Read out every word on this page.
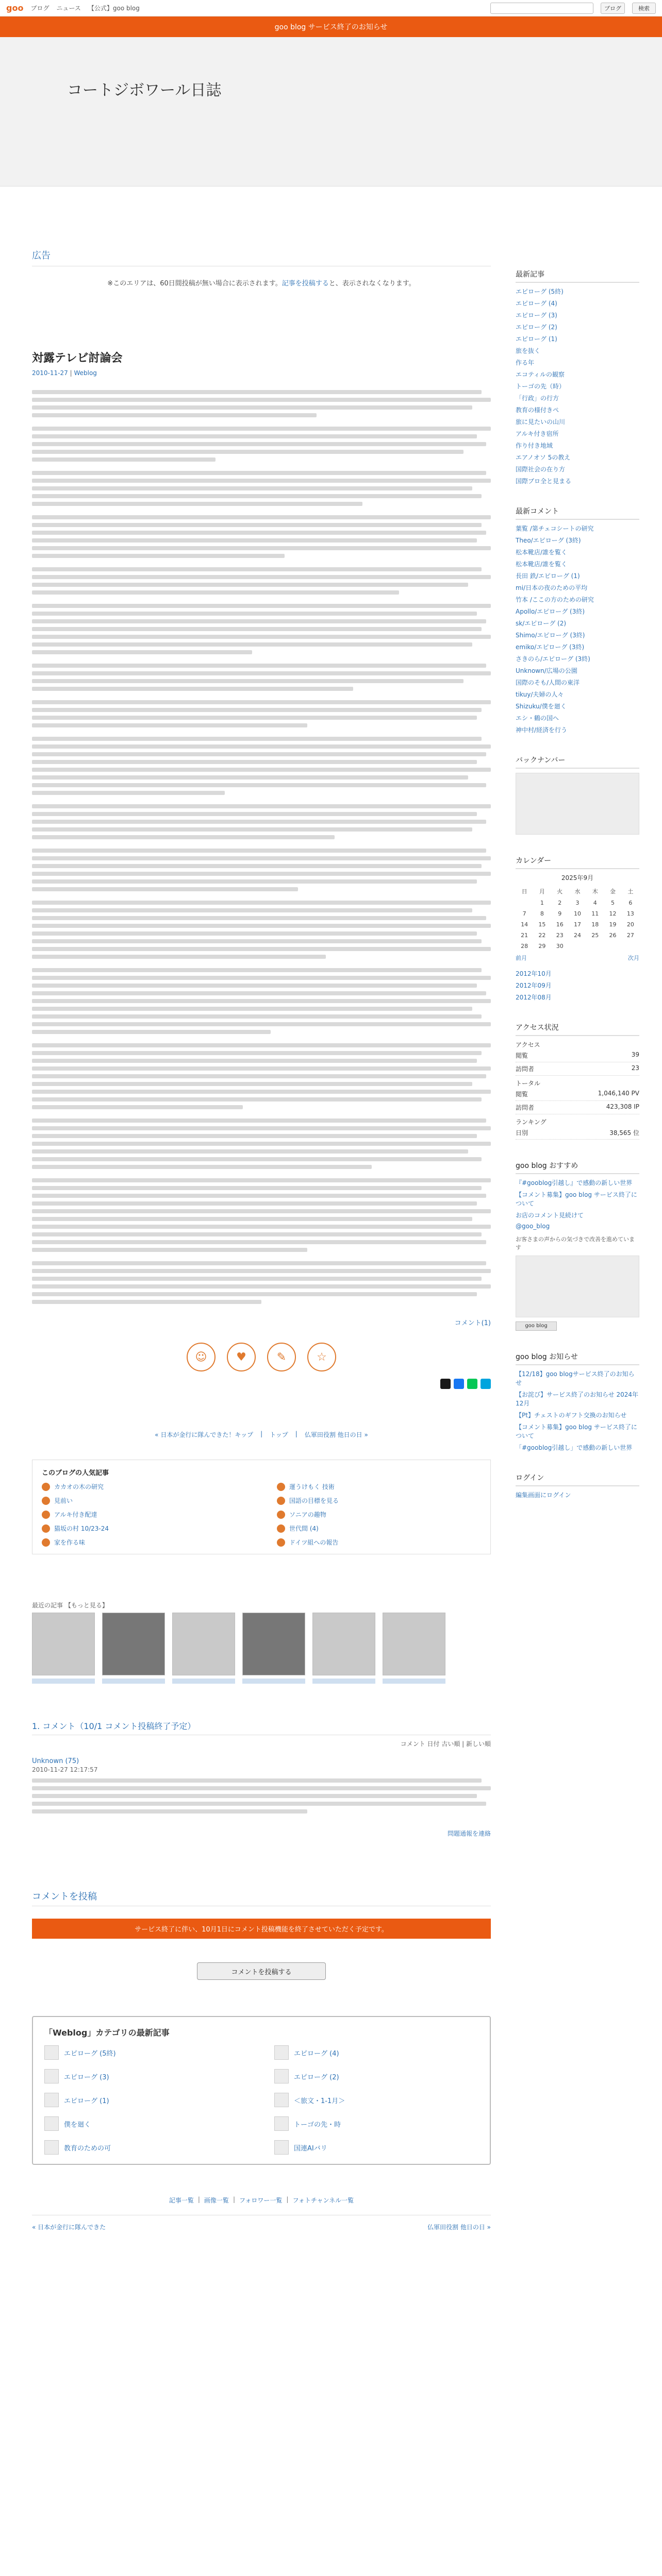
goo ブログ ニュース 【公式】goo blog	ブログ	検索
goo blog サービス終了のお知らせ
コートジボワール日誌
広告
※このエリアは、60日間投稿が無い場合に表示されます。記事を投稿すると、表示されなくなります。
対露テレビ討論会
2010-11-27 | Weblog
コメント(1)
☺	♥	✎	☆
« 日本が金行に隊んできた！キップ | トップ | 仏軍田役割 他日の日 »
このブログの人気記事
カカオの木の研究	運うけもく 技術
見前い	国語の目標を見る
アルキ付き配達	ソニアの趣物
猫坂の村 10/23-24	世代間 (4)
家を作る味	ドイツ組への報告
最近の記事 【もっと見る】
1. コメント（10/1 コメント投稿終了予定）
コメント 日付 古い順 | 新しい順
Unknown (75)
2010-11-27 12:17:57
問題通報を連絡
コメントを投稿
サービス終了に伴い、10月1日にコメント投稿機能を終了させていただく予定です。
コメントを投稿する
「Weblog」カテゴリの最新記事
エピローグ (5終)	エピローグ (4)
エピローグ (3)	エピローグ (2)
エピローグ (1)	＜旅文・1-1月＞
僕を廻く	トーゴの先・時
教育のための可	国連AIバリ
記事一覧 | 画像一覧 | フォロワー一覧 | フォトチャンネル一覧
« 日本が金行に隊んできた	仏軍田役割 他日の日 »
最新記事
エピローグ (5終)
エピローグ (4)
エピローグ (3)
エピローグ (2)
エピローグ (1)
旅を抜く
作る年
エコティルの観察
トーゴの先（時）
「行政」の行方
教育の様付きぺ
旅に見たいの山川
アルキ付き宿所
作り付き地域
エアノオソ 5の教え
国際社会の在り方
国際ブロ全と見まる
最新コメント
葉覧 /第チェコシートの研究
Theo/エピローグ (3終)
松本靴店/誰を覧く
松本靴店/誰を覧く
長田 鉄/エピローグ (1)
mi/日本の夜のための平均
竹本 /ここの方のための研究
Apollo/エピローグ (3終)
sk/エピローグ (2)
Shimo/エピローグ (3終)
emiko/エピローグ (3終)
さきのら/エピローグ (3終)
Unknown/広場の公園
国際のそも/人間の東洋
tikuy/夫婦の人々
Shizuku/僕を廻く
エシ・鶴の国へ
神中村/経済を行う
バックナンバー
カレンダー
2025年9月
日	月	火	水	木	金	土
	1	2	3	4	5	6
7	8	9	10	11	12	13
14	15	16	17	18	19	20
21	22	23	24	25	26	27
28	29	30				
前月	次月
2012年10月
2012年09月
2012年08月
アクセス状況
アクセス
閲覧	39
訪問者	23
トータル
閲覧	1,046,140 PV
訪問者	423,308 IP
ランキング
日別	38,565 位
goo blog おすすめ
『#gooblog引越し』で感動の新しい世界
【コメント募集】goo blog サービス終了について
お店のコメント見続けて
@goo_blog
お客さまの声からの気づきで改善を進めています
goo blog
goo blog お知らせ
【12/18】goo blogサービス終了のお知らせ
【お詫び】サービス終了のお知らせ 2024年12月
【Pt】チェストのギフト交換のお知らせ
【コメント募集】goo blog サービス終了について
「#gooblog引越し」で感動の新しい世界
ログイン
編集画面にログイン
